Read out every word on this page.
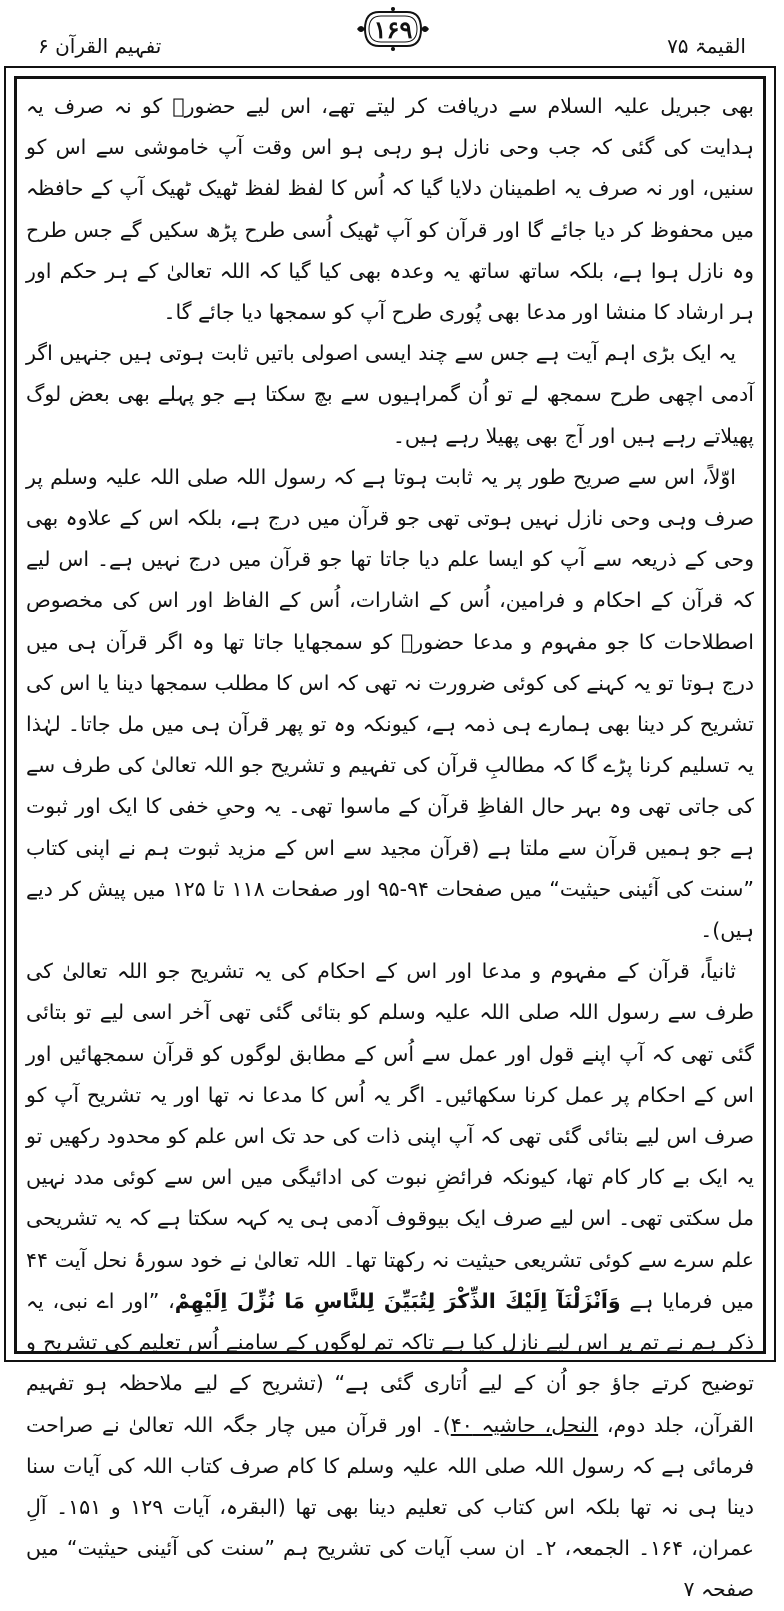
تفہیم القرآن ۶
۱۶۹
القیمۃ ۷۵

بھی جبریل علیہ السلام سے دریافت کر لیتے تھے، اس لیے حضورؐ کو نہ صرف یہ ہدایت کی گئی کہ جب وحی نازل ہو رہی ہو اس وقت آپ خاموشی سے اس کو سنیں، اور نہ صرف یہ اطمینان دلایا گیا کہ اُس کا لفظ لفظ ٹھیک ٹھیک آپ کے حافظہ میں محفوظ کر دیا جائے گا اور قرآن کو آپ ٹھیک اُسی طرح پڑھ سکیں گے جس طرح وہ نازل ہوا ہے، بلکہ ساتھ ساتھ یہ وعدہ بھی کیا گیا کہ اللہ تعالیٰ کے ہر حکم اور ہر ارشاد کا منشا اور مدعا بھی پُوری طرح آپ کو سمجھا دیا جائے گا۔

یہ ایک بڑی اہم آیت ہے جس سے چند ایسی اصولی باتیں ثابت ہوتی ہیں جنہیں اگر آدمی اچھی طرح سمجھ لے تو اُن گمراہیوں سے بچ سکتا ہے جو پہلے بھی بعض لوگ پھیلاتے رہے ہیں اور آج بھی پھیلا رہے ہیں۔

اوّلاً، اس سے صریح طور پر یہ ثابت ہوتا ہے کہ رسول اللہ صلی اللہ علیہ وسلم پر صرف وہی وحی نازل نہیں ہوتی تھی جو قرآن میں درج ہے، بلکہ اس کے علاوہ بھی وحی کے ذریعہ سے آپ کو ایسا علم دیا جاتا تھا جو قرآن میں درج نہیں ہے۔ اس لیے کہ قرآن کے احکام و فرامین، اُس کے اشارات، اُس کے الفاظ اور اس کی مخصوص اصطلاحات کا جو مفہوم و مدعا حضورؐ کو سمجھایا جاتا تھا وہ اگر قرآن ہی میں درج ہوتا تو یہ کہنے کی کوئی ضرورت نہ تھی کہ اس کا مطلب سمجھا دینا یا اس کی تشریح کر دینا بھی ہمارے ہی ذمہ ہے، کیونکہ وہ تو پھر قرآن ہی میں مل جاتا۔ لہٰذا یہ تسلیم کرنا پڑے گا کہ مطالبِ قرآن کی تفہیم و تشریح جو اللہ تعالیٰ کی طرف سے کی جاتی تھی وہ بہر حال الفاظِ قرآن کے ماسوا تھی۔ یہ وحیِ خفی کا ایک اور ثبوت ہے جو ہمیں قرآن سے ملتا ہے (قرآن مجید سے اس کے مزید ثبوت ہم نے اپنی کتاب ”سنت کی آئینی حیثیت“ میں صفحات ۹۴-۹۵ اور صفحات ۱۱۸ تا ۱۲۵ میں پیش کر دیے ہیں)۔

ثانیاً، قرآن کے مفہوم و مدعا اور اس کے احکام کی یہ تشریح جو اللہ تعالیٰ کی طرف سے رسول اللہ صلی اللہ علیہ وسلم کو بتائی گئی تھی آخر اسی لیے تو بتائی گئی تھی کہ آپ اپنے قول اور عمل سے اُس کے مطابق لوگوں کو قرآن سمجھائیں اور اس کے احکام پر عمل کرنا سکھائیں۔ اگر یہ اُس کا مدعا نہ تھا اور یہ تشریح آپ کو صرف اس لیے بتائی گئی تھی کہ آپ اپنی ذات کی حد تک اس علم کو محدود رکھیں تو یہ ایک بے کار کام تھا، کیونکہ فرائضِ نبوت کی ادائیگی میں اس سے کوئی مدد نہیں مل سکتی تھی۔ اس لیے صرف ایک بیوقوف آدمی ہی یہ کہہ سکتا ہے کہ یہ تشریحی علم سرے سے کوئی تشریعی حیثیت نہ رکھتا تھا۔ اللہ تعالیٰ نے خود سورۂ نحل آیت ۴۴ میں فرمایا ہے وَاَنْزَلْنَآ اِلَيْكَ الذِّكْرَ لِتُبَيِّنَ لِلنَّاسِ مَا نُزِّلَ اِلَيْهِمْ، ”اور اے نبی، یہ ذکر ہم نے تم پر اس لیے نازل کیا ہے تاکہ تم لوگوں کے سامنے اُس تعلیم کی تشریح و توضیح کرتے جاؤ جو اُن کے لیے اُتاری گئی ہے“ (تشریح کے لیے ملاحظہ ہو تفہیم القرآن، جلد دوم، النحل، حاشیہ ۴۰)۔ اور قرآن میں چار جگہ اللہ تعالیٰ نے صراحت فرمائی ہے کہ رسول اللہ صلی اللہ علیہ وسلم کا کام صرف کتاب اللہ کی آیات سنا دینا ہی نہ تھا بلکہ اس کتاب کی تعلیم دینا بھی تھا (البقرہ، آیات ۱۲۹ و ۱۵۱۔ آلِ عمران، ۱۶۴۔ الجمعہ، ۲۔ ان سب آیات کی تشریح ہم ”سنت کی آئینی حیثیت“ میں صفحہ ۷
